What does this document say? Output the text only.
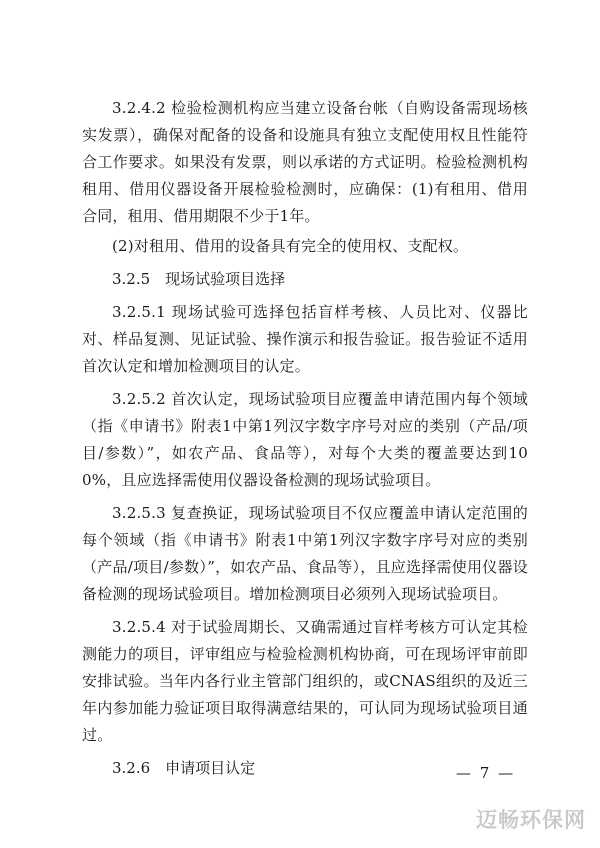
3.2.4.2 检验检测机构应当建立设备台帐（自购设备需现场核实发票），确保对配备的设备和设施具有独立支配使用权且性能符合工作要求。如果没有发票，则以承诺的方式证明。检验检测机构租用、借用仪器设备开展检验检测时，应确保：(1)有租用、借用合同，租用、借用期限不少于1年。

(2)对租用、借用的设备具有完全的使用权、支配权。

3.2.5　现场试验项目选择

3.2.5.1 现场试验可选择包括盲样考核、人员比对、仪器比对、样品复测、见证试验、操作演示和报告验证。报告验证不适用首次认定和增加检测项目的认定。

3.2.5.2 首次认定，现场试验项目应覆盖申请范围内每个领域（指《申请书》附表1中第1列汉字数字序号对应的类别（产品/项目/参数）”，如农产品、食品等），对每个大类的覆盖要达到100%，且应选择需使用仪器设备检测的现场试验项目。

3.2.5.3 复查换证，现场试验项目不仅应覆盖申请认定范围的每个领域（指《申请书》附表1中第1列汉字数字序号对应的类别（产品/项目/参数）”，如农产品、食品等），且应选择需使用仪器设备检测的现场试验项目。增加检测项目必须列入现场试验项目。

3.2.5.4 对于试验周期长、又确需通过盲样考核方可认定其检测能力的项目，评审组应与检验检测机构协商，可在现场评审前即安排试验。当年内各行业主管部门组织的，或CNAS组织的及近三年内参加能力验证项目取得满意结果的，可认同为现场试验项目通过。

3.2.6　申请项目认定	— 7 —
迈畅环保网
